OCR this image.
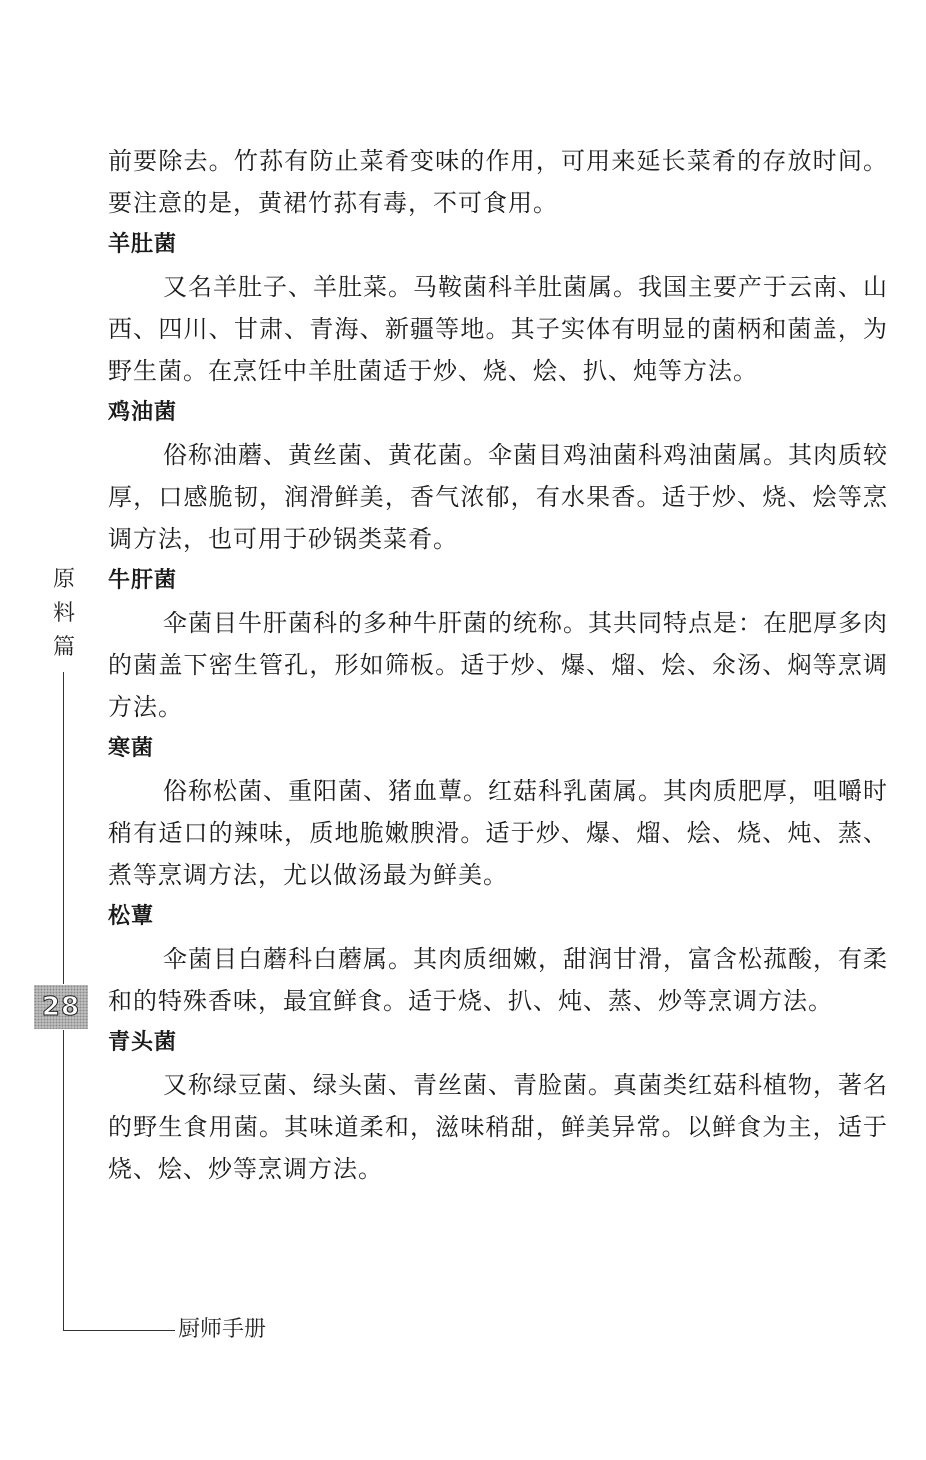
前要除去。竹荪有防止菜肴变味的作用，可用来延长菜肴的存放时间。要注意的是，黄裙竹荪有毒，不可食用。

羊肚菌

又名羊肚子、羊肚菜。马鞍菌科羊肚菌属。我国主要产于云南、山西、四川、甘肃、青海、新疆等地。其子实体有明显的菌柄和菌盖，为野生菌。在烹饪中羊肚菌适于炒、烧、烩、扒、炖等方法。

鸡油菌

俗称油蘑、黄丝菌、黄花菌。伞菌目鸡油菌科鸡油菌属。其肉质较厚，口感脆韧，润滑鲜美，香气浓郁，有水果香。适于炒、烧、烩等烹调方法，也可用于砂锅类菜肴。

牛肝菌

伞菌目牛肝菌科的多种牛肝菌的统称。其共同特点是：在肥厚多肉的菌盖下密生管孔，形如筛板。适于炒、爆、熘、烩、氽汤、焖等烹调方法。

寒菌

俗称松菌、重阳菌、猪血蕈。红菇科乳菌属。其肉质肥厚，咀嚼时稍有适口的辣味，质地脆嫩腴滑。适于炒、爆、熘、烩、烧、炖、蒸、煮等烹调方法，尤以做汤最为鲜美。

松蕈

伞菌目白蘑科白蘑属。其肉质细嫩，甜润甘滑，富含松菰酸，有柔和的特殊香味，最宜鲜食。适于烧、扒、炖、蒸、炒等烹调方法。

青头菌

又称绿豆菌、绿头菌、青丝菌、青脸菌。真菌类红菇科植物，著名的野生食用菌。其味道柔和，滋味稍甜，鲜美异常。以鲜食为主，适于烧、烩、炒等烹调方法。

原
料
篇
28
厨师手册
